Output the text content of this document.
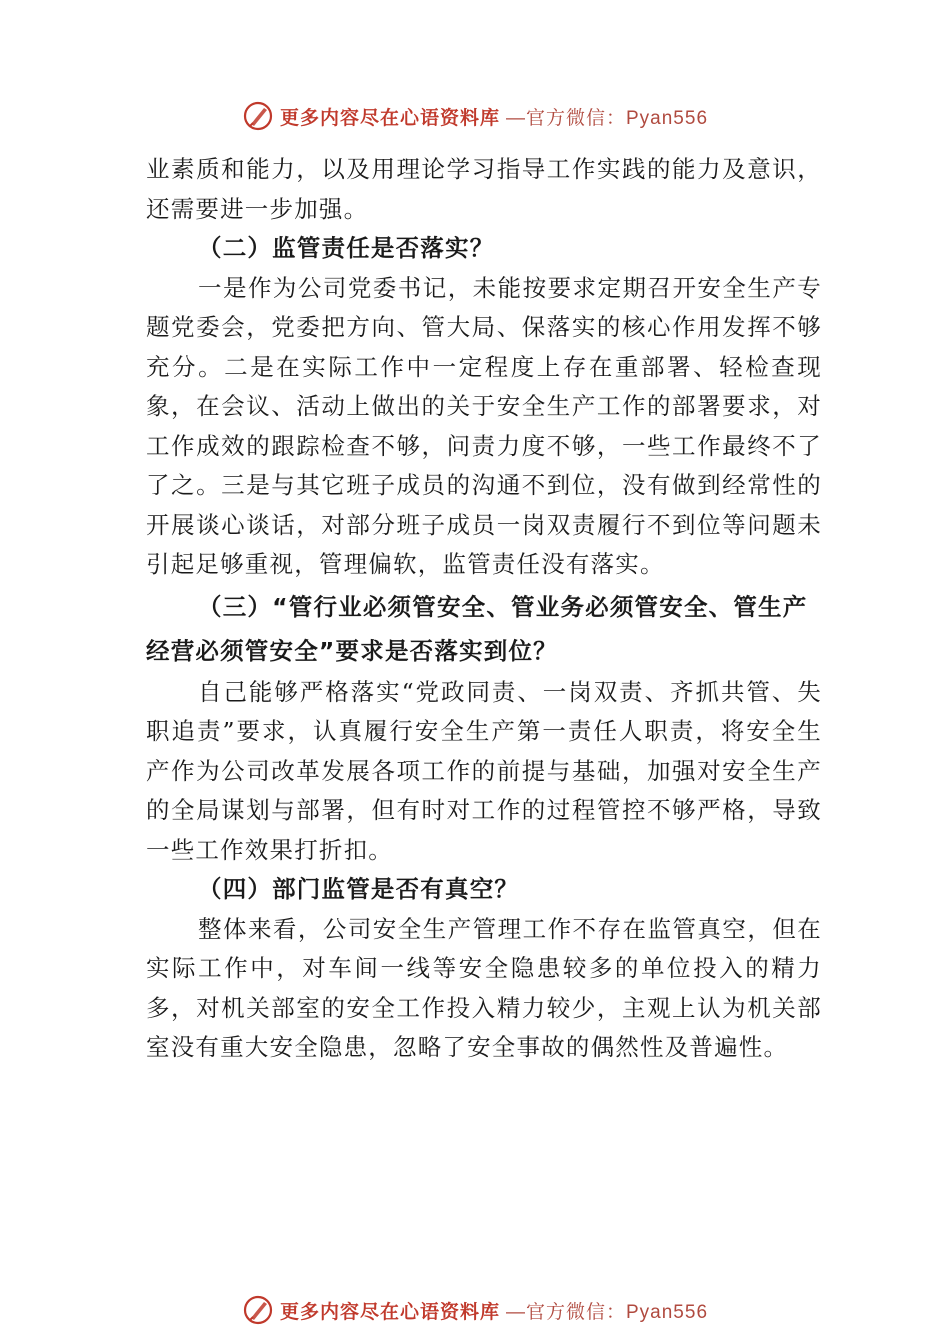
更多内容尽在心语资料库 —官方微信：Pyan556

业素质和能力，以及用理论学习指导工作实践的能力及意识，还需要进一步加强。

（二）监管责任是否落实？

一是作为公司党委书记，未能按要求定期召开安全生产专题党委会，党委把方向、管大局、保落实的核心作用发挥不够充分。二是在实际工作中一定程度上存在重部署、轻检查现象，在会议、活动上做出的关于安全生产工作的部署要求，对工作成效的跟踪检查不够，问责力度不够，一些工作最终不了了之。三是与其它班子成员的沟通不到位，没有做到经常性的开展谈心谈话，对部分班子成员一岗双责履行不到位等问题未引起足够重视，管理偏软，监管责任没有落实。

（三）“管行业必须管安全、管业务必须管安全、管生产经营必须管安全”要求是否落实到位？

自己能够严格落实“党政同责、一岗双责、齐抓共管、失职追责”要求，认真履行安全生产第一责任人职责，将安全生产作为公司改革发展各项工作的前提与基础，加强对安全生产的全局谋划与部署，但有时对工作的过程管控不够严格，导致一些工作效果打折扣。

（四）部门监管是否有真空？

整体来看，公司安全生产管理工作不存在监管真空，但在实际工作中，对车间一线等安全隐患较多的单位投入的精力多，对机关部室的安全工作投入精力较少，主观上认为机关部室没有重大安全隐患，忽略了安全事故的偶然性及普遍性。

更多内容尽在心语资料库 —官方微信：Pyan556
